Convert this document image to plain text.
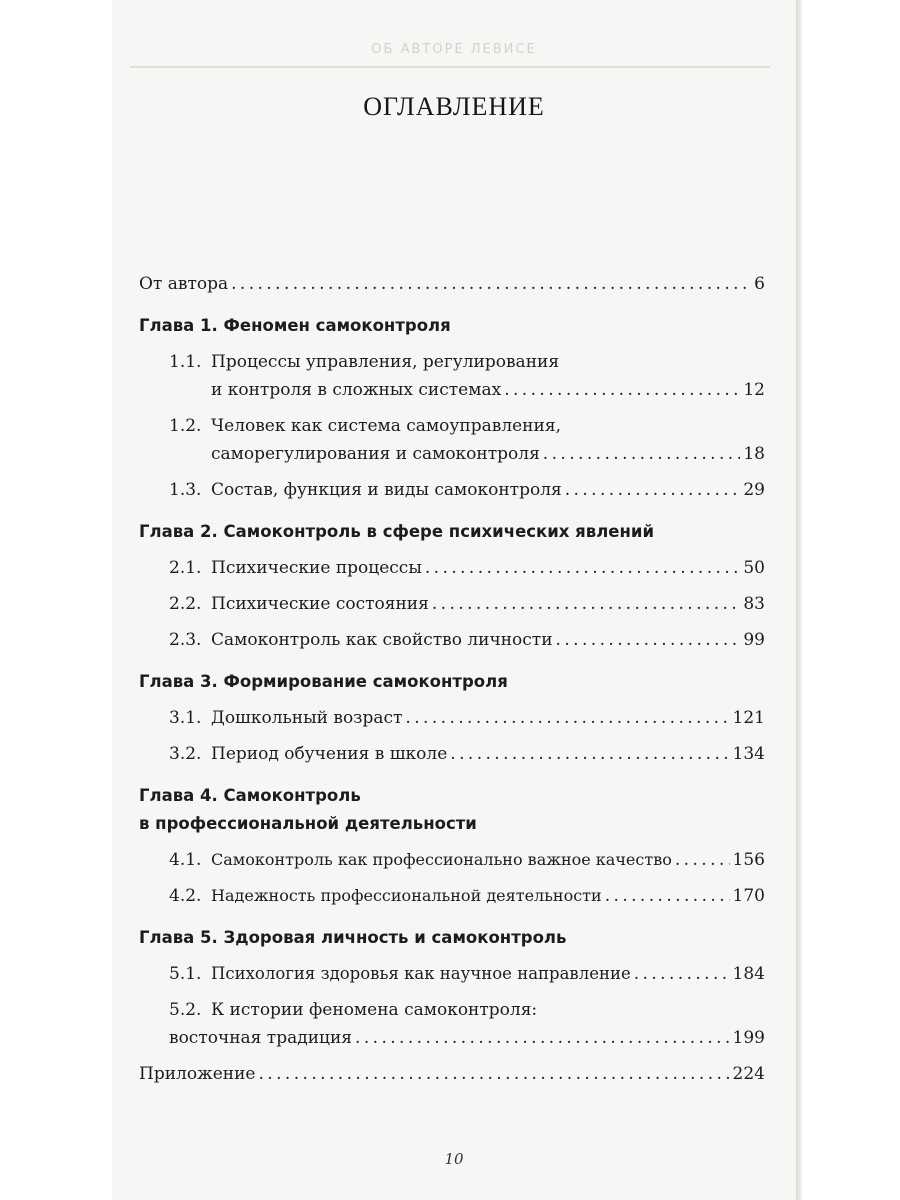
ОБ АВТОРЕ ЛЕВИСЕ
ОГЛАВЛЕНИЕ
От автора . . .	6
Глава 1. Феномен самоконтроля
1.1. Процессы управления, регулирования
и контроля в сложных системах . . .	12
1.2. Человек как система самоуправления,
саморегулирования и самоконтроля . . .	18
1.3. Состав, функция и виды самоконтроля . . .	29
Глава 2. Самоконтроль в сфере психических явлений
2.1. Психические процессы . . .	50
2.2. Психические состояния . . .	83
2.3. Самоконтроль как свойство личности . . .	99
Глава 3. Формирование самоконтроля
3.1. Дошкольный возраст . . .	121
3.2. Период обучения в школе . . .	134
Глава 4. Самоконтроль
в профессиональной деятельности
4.1. Самоконтроль как профессионально важное качество . . .	156
4.2. Надежность профессиональной деятельности . . .	170
Глава 5. Здоровая личность и самоконтроль
5.1. Психология здоровья как научное направление . . .	184
5.2. К истории феномена самоконтроля:
восточная традиция . . .	199
Приложение . . .	224
10
